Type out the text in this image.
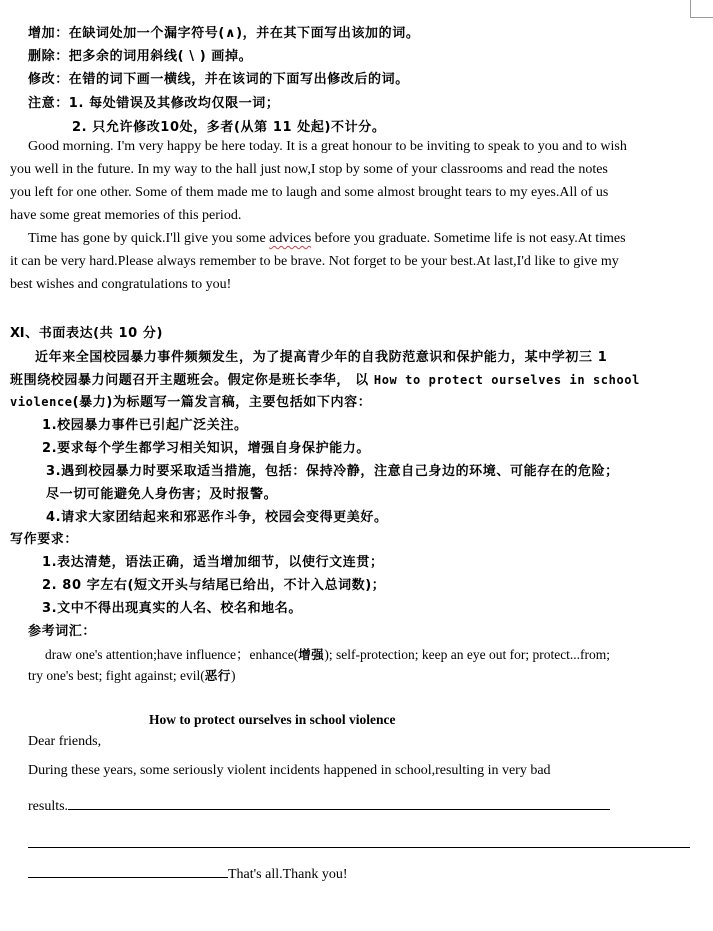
增加：在缺词处加一个漏字符号(∧)，并在其下面写出该加的词。
删除：把多余的词用斜线( \ ) 画掉。
修改：在错的词下画一横线，并在该词的下面写出修改后的词。
注意：1. 每处错误及其修改均仅限一词；
2. 只允许修改10处，多者(从第 11 处起)不计分。
Good morning. I'm very happy be here today. It is a great honour to be inviting to speak to you and to wish
you well in the future. In my way to the hall just now,I stop by some of your classrooms and read the notes
you left for one other. Some of them made me to laugh and some almost brought tears to my eyes.All of us
have some great memories of this period.
Time has gone by quick.I'll give you some advices before you graduate. Sometime life is not easy.At times
it can be very hard.Please always remember to be brave. Not forget to be your best.At last,I'd like to give my
best wishes and congratulations to you!
Ⅺ、书面表达(共 10 分)
近年来全国校园暴力事件频频发生，为了提高青少年的自我防范意识和保护能力，某中学初三 1
班围绕校园暴力问题召开主题班会。假定你是班长李华， 以 How to protect ourselves in school
violence(暴力)为标题写一篇发言稿，主要包括如下内容：
1.校园暴力事件已引起广泛关注。
2.要求每个学生都学习相关知识，增强自身保护能力。
3.遇到校园暴力时要采取适当措施，包括：保持冷静，注意自己身边的环境、可能存在的危险；
尽一切可能避免人身伤害；及时报警。
4.请求大家团结起来和邪恶作斗争，校园会变得更美好。
写作要求：
1.表达清楚，语法正确，适当增加细节，以使行文连贯；
2. 80 字左右(短文开头与结尾已给出，不计入总词数)；
3.文中不得出现真实的人名、校名和地名。
参考词汇：
draw one's attention;have influence；enhance(增强); self-protection; keep an eye out for; protect...from;
try one's best; fight against; evil(恶行)
How to protect ourselves in school violence
Dear friends,
During these years, some seriously violent incidents happened in school,resulting in very bad
results.
That's all.Thank you!
